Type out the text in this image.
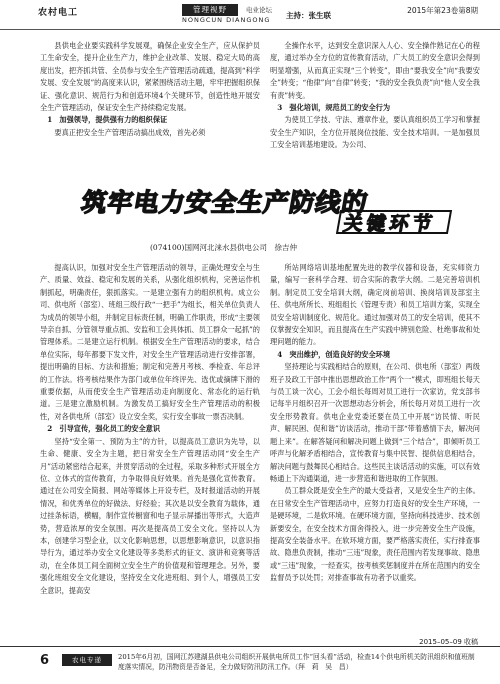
农村电工	管理视野
NONGCUN DIANGONG
电业论坛
主持：张生联
2015年第23卷第8期

县供电企业要实践科学发展观，确保企业安全生产，应从保护员工生命安全，提升企业生产力，维护企业改革、发展、稳定大局的高度出发，把齐抓共管、全员参与安全生产管理活动疏通，提高到“科学发展、安全发展”的高度来认识，紧紧围绕活动主题，牢牢把握组织保证、强化意识、规范行为和创造环境4个关键环节，创造性地开展安全生产管理活动，保证安全生产持续稳定发展。

1　加强领导，提供强有力的组织保证

要真正把安全生产管理活动搞出成效，首先必须

全操作水平，达到安全意识深入人心、安全操作熟记在心的程度，通过举办全方位的宣传教育活动，广大员工的安全意识会得到明显增强，从而真正实现“三个转变”，即由“要我安全”向“我要安全”转变；“他律”向“自律”转变；“我的安全我负责”向“他人安全我有责”转变。

3　强化培训，规范员工的安全行为

为使员工学技、守法、遵章作业，要认真组织员工学习和掌握安全生产知识，全方位开展岗位技能、安全技术培训。一是加强员工安全培训基地建设。为公司、

筑牢电力安全生产防线的
关键环节
(074100)国网河北涞水县供电公司　徐吉仲

提高认识，加强对安全生产管理活动的领导，正确处理安全与生产、质量、效益、稳定和发展的关系，从强化组织机构，完善运作机制抓起，明确责任，狠抓落实。一是建立强有力的组织机构。成立公司、供电所（部室）、班组三级行政“一把手”为组长，相关单位负责人为成员的领导小组，并制定目标责任制，明确工作职责，形成“主要领导亲自抓、分管领导重点抓、安监和工会具体抓、员工群众一起抓”的管理体系。二是建立运行机制。根据安全生产管理活动的要求，结合单位实际，每年都要下发文件，对安全生产管理活动进行安排部署，提出明确的目标、方法和措施；制定和完善月考核、季检查、年总评的工作法。将考核结果作为部门或单位年终评先、选优或摘牌下滑的重要依据，从而使安全生产管理活动走向制度化、常态化的运行轨道。三是建立激励机制。为激发员工搞好安全生产管理活动的积极性，对各供电所（部室）设立安全奖，实行安全事故一票否决制。

2　引导宣传，强化员工的安全意识

坚持“安全第一、预防为主”的方针，以提高员工意识为先导，以生命、健康、安全为主题，把日常安全生产管理活动同“安全生产月”活动紧密结合起来，并贯穿活动的全过程，采取多种形式开展全方位、立体式的宣传教育，力争取得良好效果。首先是强化宣传教育。通过在公司安全简报、网站等媒体上开设专栏，及时报道活动的开展情况，和优秀单位的好做法、好经验；其次是以安全教育为载体，通过挂条标语，横幅，制作宣传橱窗和电子显示屏播出等形式，大造声势，营造浓厚的安全氛围。再次是提高员工安全文化。坚持以人为本，创建学习型企业，以文化影响思想，以思想影响意识，以意识指导行为，通过举办安全文化建设等多类形式的征文、演讲和竞赛等活动，在全体员工间全面树立安全生产的价值观和管理理念。另外，要强化班组安全文化建设，坚持安全文化进班组、到个人，增强员工安全意识，提高安

所站网络培训基地配置先进的教学仪器和设备，充实师资力量，编写一套科学合理、切合实际的教学大纲。二是完善培训机制。制定员工安全培训大纲，确定岗前培训、换岗培训及部室主任、供电所所长、班组组长（管理专责）和员工培训方案，实现全员安全培训制度化、规范化。通过加强对员工的安全培训，使其不仅掌握安全知识，而且提高在生产实践中辨别危险、杜绝事故和处理问题的能力。

4　突出维护，创造良好的安全环境

坚持理论与实践相结合的原则，在公司、供电所（部室）两级班子及政工干部中推出思想政治工作“两个一”模式，即班组长每天与员工谈一次心，工会小组长每周对员工进行一次家访，党支部书记每半月组织召开一次思想动态分析会，所长每月对员工进行一次安全形势教育。供电企业党委还要在员工中开展“访民情、听民声、解民困、促和谐”访谈活动，推动干部“带着感情下去，解决问题上来”。在解答疑问和解决问题上做到“三个结合”，即倾听员工呼声与化解矛盾相结合，宣传教育与集中民智、提供信息相结合，解决问题与鼓舞民心相结合。这些民主谈话活动的实施，可以有效畅通上下沟通渠道，进一步营造和谐进取的工作氛围。

员工群众既是安全生产的最大受益者，又是安全生产的主体。在日常安全生产管理活动中，应努力打造良好的安全生产环境，一是硬环境，二是软环境。在硬环境方面，坚持向科技进步、技术创新要安全，在安全技术方面舍得投入，进一步完善安全生产设施，提高安全装备水平。在软环境方面，要严格落实责任，实行排查事故、隐患负责制，推动“三违”现象，责任范围内若发现事故、隐患或“三违”现象，一经查实，按考核奖惩制度并在所在范围内的安全监督员予以处罚；对排查事故有功者予以重奖。

2015–05–09 收稿
6	农电专递	2015年6月初，国网江苏建湖县供电公司组织开展供电所员工作“回头看”活动，检查14个供电所机关防汛组织和值班制度落实情况，防汛物资是否备足，全力做好防汛防汛工作。（拜　莉　吴　昌）
